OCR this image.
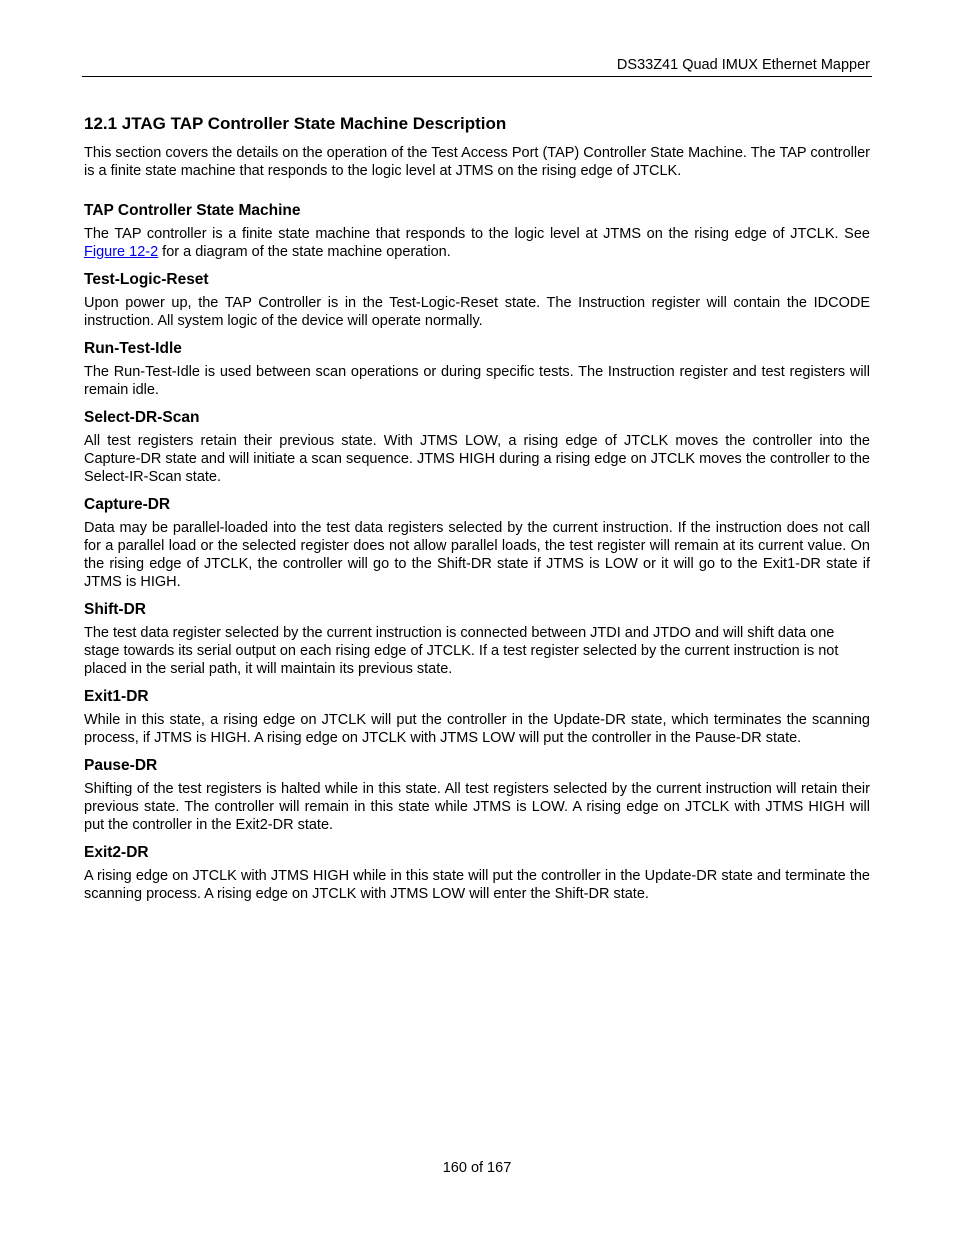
DS33Z41 Quad IMUX Ethernet Mapper
12.1 JTAG TAP Controller State Machine Description

This section covers the details on the operation of the Test Access Port (TAP) Controller State Machine. The TAP controller is a finite state machine that responds to the logic level at JTMS on the rising edge of JTCLK.

TAP Controller State Machine

The TAP controller is a finite state machine that responds to the logic level at JTMS on the rising edge of JTCLK. See Figure 12-2 for a diagram of the state machine operation.

Test-Logic-Reset

Upon power up, the TAP Controller is in the Test-Logic-Reset state. The Instruction register will contain the IDCODE instruction. All system logic of the device will operate normally.

Run-Test-Idle

The Run-Test-Idle is used between scan operations or during specific tests. The Instruction register and test registers will remain idle.

Select-DR-Scan

All test registers retain their previous state. With JTMS LOW, a rising edge of JTCLK moves the controller into the Capture-DR state and will initiate a scan sequence. JTMS HIGH during a rising edge on JTCLK moves the controller to the Select-IR-Scan state.

Capture-DR

Data may be parallel-loaded into the test data registers selected by the current instruction. If the instruction does not call for a parallel load or the selected register does not allow parallel loads, the test register will remain at its current value. On the rising edge of JTCLK, the controller will go to the Shift-DR state if JTMS is LOW or it will go to the Exit1-DR state if JTMS is HIGH.

Shift-DR

The test data register selected by the current instruction is connected between JTDI and JTDO and will shift data one stage towards its serial output on each rising edge of JTCLK. If a test register selected by the current instruction is not placed in the serial path, it will maintain its previous state.

Exit1-DR

While in this state, a rising edge on JTCLK will put the controller in the Update-DR state, which terminates the scanning process, if JTMS is HIGH. A rising edge on JTCLK with JTMS LOW will put the controller in the Pause-DR state.

Pause-DR

Shifting of the test registers is halted while in this state. All test registers selected by the current instruction will retain their previous state. The controller will remain in this state while JTMS is LOW. A rising edge on JTCLK with JTMS HIGH will put the controller in the Exit2-DR state.

Exit2-DR

A rising edge on JTCLK with JTMS HIGH while in this state will put the controller in the Update-DR state and terminate the scanning process. A rising edge on JTCLK with JTMS LOW will enter the Shift-DR state.

160 of 167
